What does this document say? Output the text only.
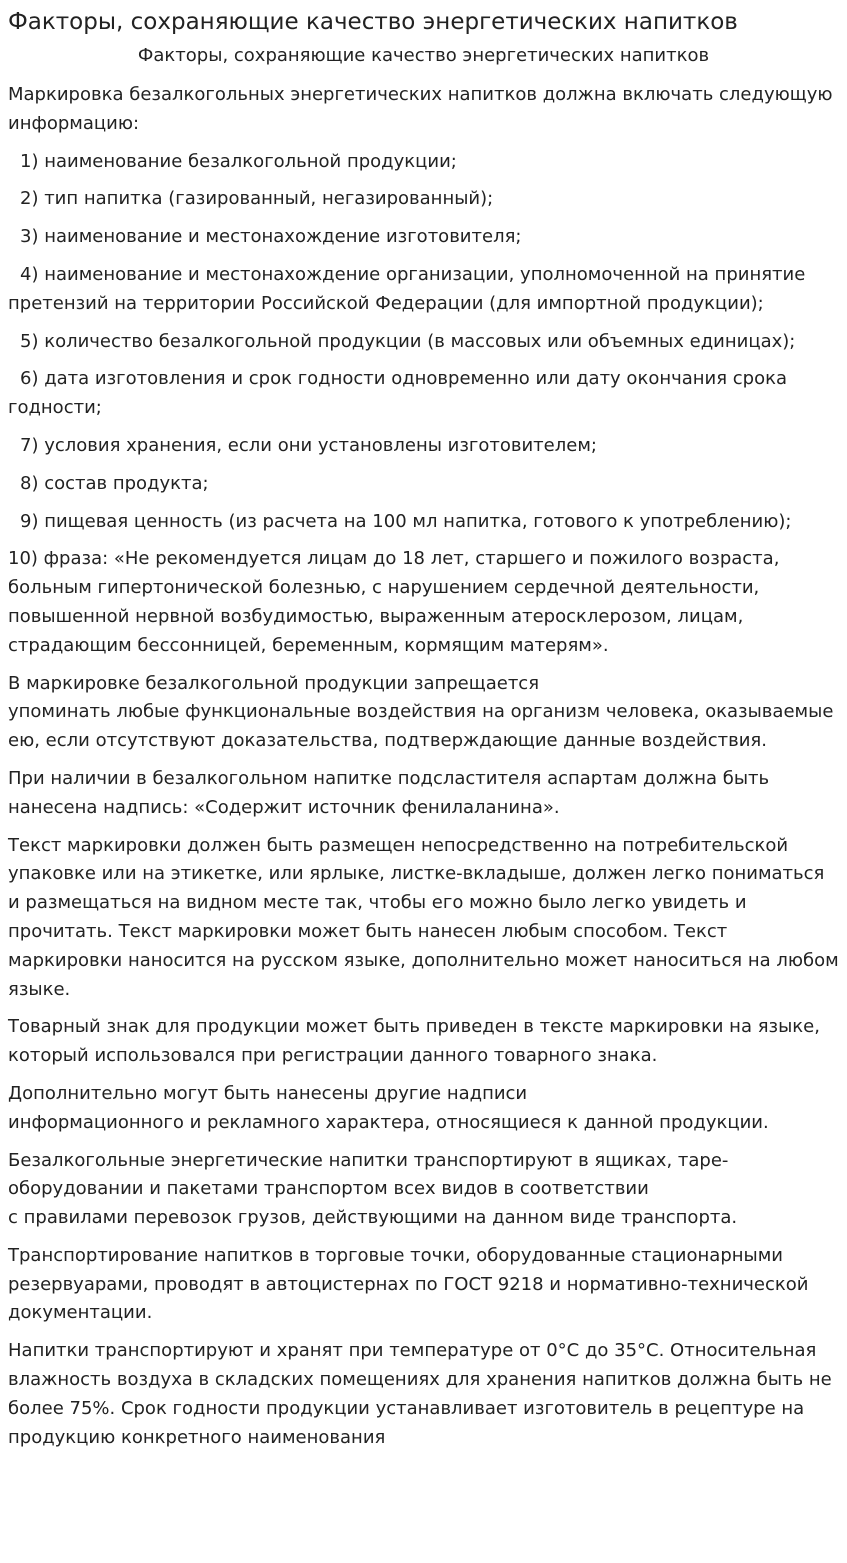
Факторы, сохраняющие качество энергетических напитков
Факторы, сохраняющие качество энергетических напитков

Маркировка безалкогольных энергетических напитков должна включать следующую информацию:

1) наименование безалкогольной продукции;

2) тип напитка (газированный, негазированный);

3) наименование и местонахождение изготовителя;

4) наименование и местонахождение организации, уполномоченной на принятие претензий на территории Российской Федерации (для импортной продукции);

5) количество безалкогольной продукции (в массовых или объемных единицах);

6) дата изготовления и срок годности одновременно или дату окончания срока годности;

7) условия хранения, если они установлены изготовителем;

8) состав продукта;

9) пищевая ценность (из расчета на 100 мл напитка, готового к употреблению);

10) фраза: «Не рекомендуется лицам до 18 лет, старшего и пожилого возраста, больным гипертонической болезнью, с нарушением сердечной деятельности, повышенной нервной возбудимостью, выраженным атеросклерозом, лицам, страдающим бессонницей, беременным, кормящим матерям».

В маркировке безалкогольной продукции запрещается
упоминать любые функциональные воздействия на организм человека, оказываемые ею, если отсутствуют доказательства, подтверждающие данные воздействия.

При наличии в безалкогольном напитке подсластителя аспартам должна быть нанесена надпись: «Содержит источник фенилаланина».

Текст маркировки должен быть размещен непосредственно на потребительской упаковке или на этикетке, или ярлыке, листке-вкладыше, должен легко пониматься и размещаться на видном месте так, чтобы его можно было легко увидеть и прочитать. Текст маркировки может быть нанесен любым способом. Текст маркировки наносится на русском языке, дополнительно может наноситься на любом языке.

Товарный знак для продукции может быть приведен в тексте маркировки на языке, который использовался при регистрации данного товарного знака.

Дополнительно могут быть нанесены другие надписи
информационного и рекламного характера, относящиеся к данной продукции.

Безалкогольные энергетические напитки транспортируют в ящиках, таре-оборудовании и пакетами транспортом всех видов в соответствии
с правилами перевозок грузов, действующими на данном виде транспорта.

Транспортирование напитков в торговые точки, оборудованные стационарными резервуарами, проводят в автоцистернах по ГОСТ 9218 и нормативно-технической документации.

Напитки транспортируют и хранят при температуре от 0°С до 35°С. Относительная влажность воздуха в складских помещениях для хранения напитков должна быть не более 75%. Срок годности продукции устанавливает изготовитель в рецептуре на продукцию конкретного наименования
